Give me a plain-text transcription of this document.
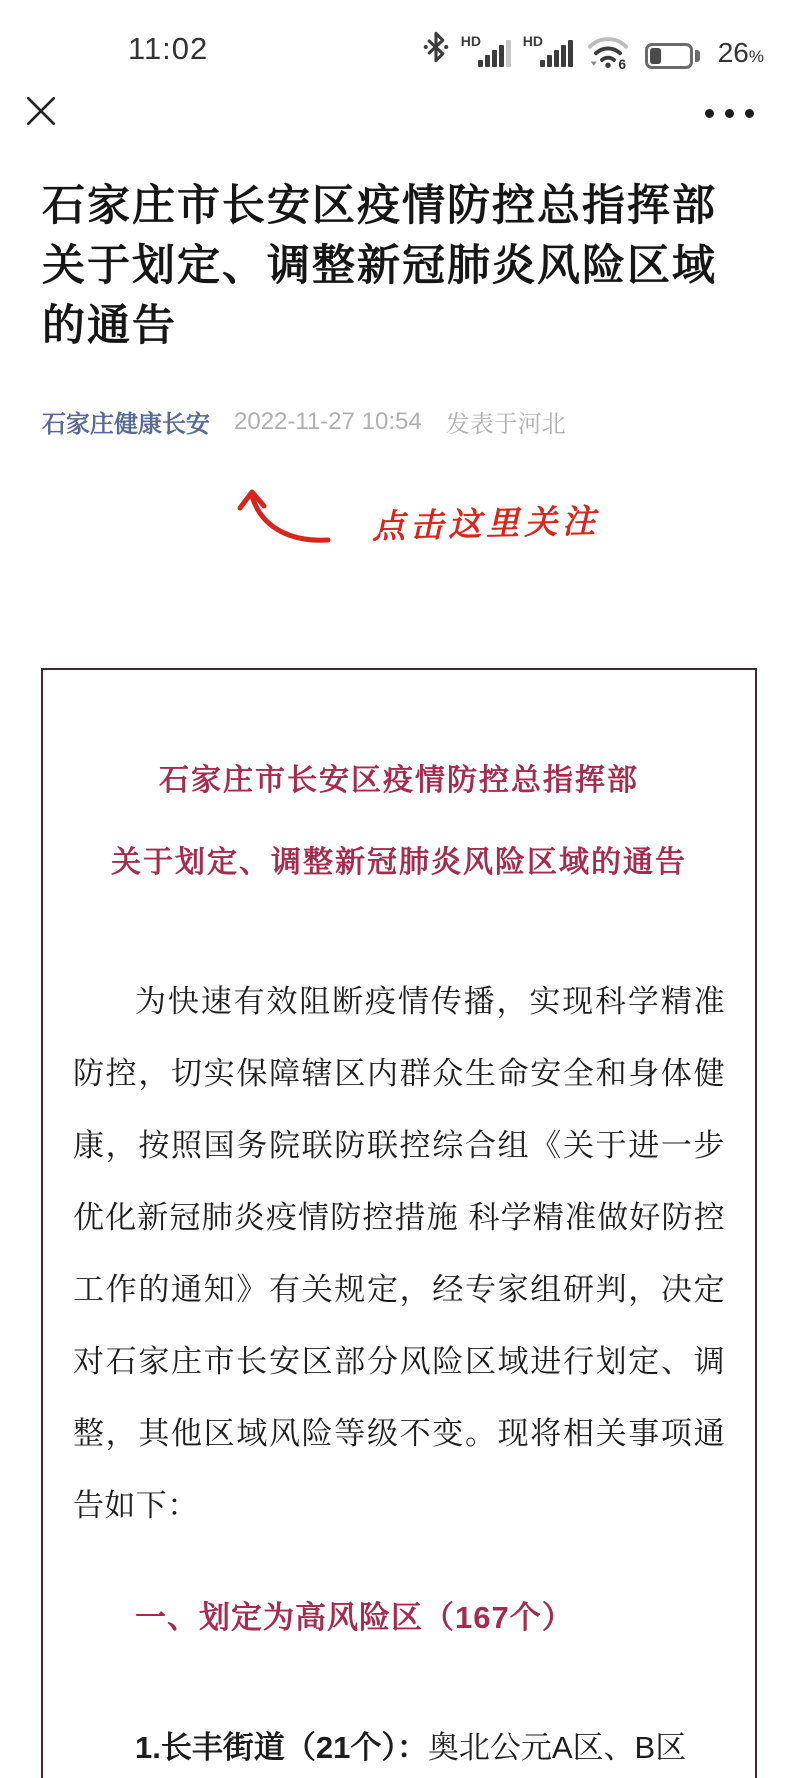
11:02	HD	HD
6	26%
石家庄市长安区疫情防控总指挥部关于划定、调整新冠肺炎风险区域的通告
石家庄健康长安 2022-11-27 10:54 发表于河北
点击这里关注
石家庄市长安区疫情防控总指挥部
关于划定、调整新冠肺炎风险区域的通告

为快速有效阻断疫情传播，实现科学精准防控，切实保障辖区内群众生命安全和身体健康，按照国务院联防联控综合组《关于进一步优化新冠肺炎疫情防控措施 科学精准做好防控工作的通知》有关规定，经专家组研判，决定对石家庄市长安区部分风险区域进行划定、调整，其他区域风险等级不变。现将相关事项通告如下：

一、划定为高风险区（167个）

1.长丰街道（21个）：奥北公元A区、B区
